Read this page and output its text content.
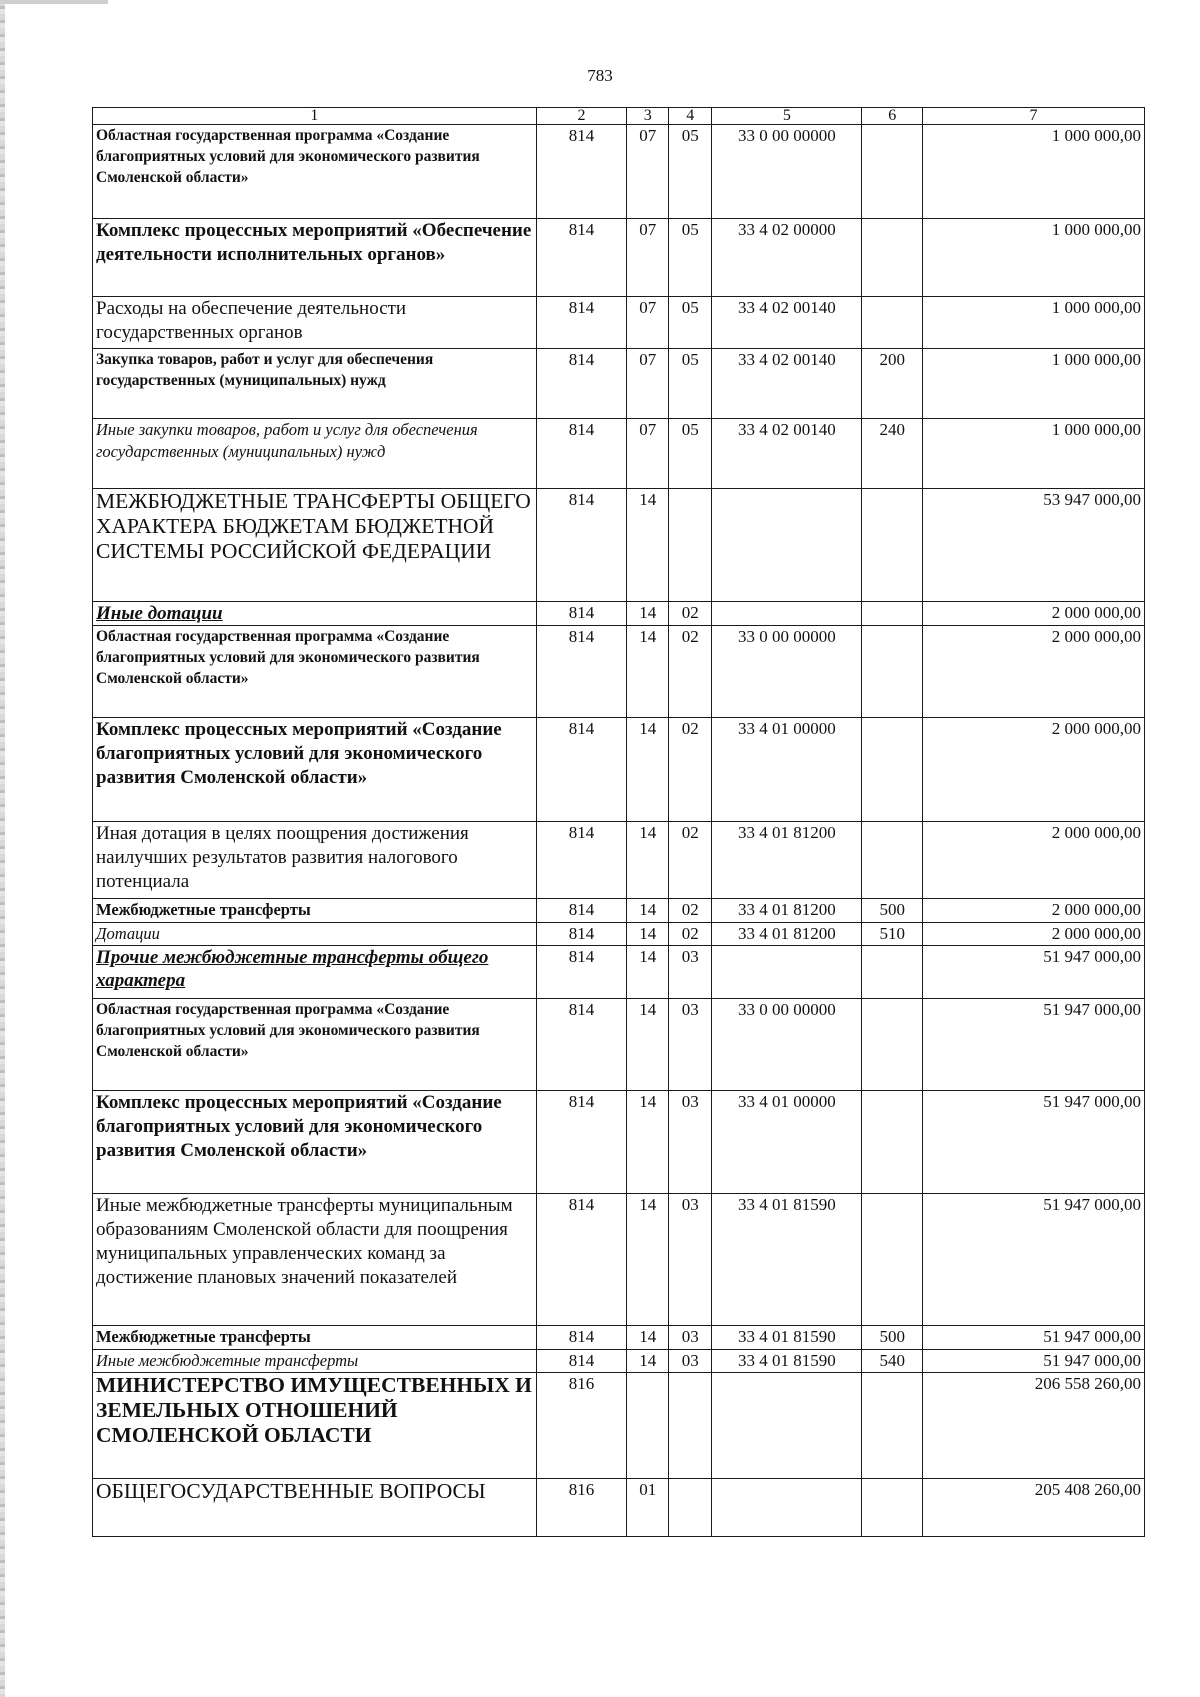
783
1	2	3	4	5	6	7
Областная государственная программа «Создание благоприятных условий для экономического развития Смоленской области»	814	07	05	33 0 00 00000		1 000 000,00
Комплекс процессных мероприятий «Обеспечение деятельности исполнительных органов»	814	07	05	33 4 02 00000		1 000 000,00
Расходы на обеспечение деятельности государственных органов	814	07	05	33 4 02 00140		1 000 000,00
Закупка товаров, работ и услуг для обеспечения государственных (муниципальных) нужд	814	07	05	33 4 02 00140	200	1 000 000,00
Иные закупки товаров, работ и услуг для обеспечения государственных (муниципальных) нужд	814	07	05	33 4 02 00140	240	1 000 000,00
МЕЖБЮДЖЕТНЫЕ ТРАНСФЕРТЫ ОБЩЕГО ХАРАКТЕРА БЮДЖЕТАМ БЮДЖЕТНОЙ СИСТЕМЫ РОССИЙСКОЙ ФЕДЕРАЦИИ	814	14				53 947 000,00
Иные дотации	814	14	02			2 000 000,00
Областная государственная программа «Создание благоприятных условий для экономического развития Смоленской области»	814	14	02	33 0 00 00000		2 000 000,00
Комплекс процессных мероприятий «Создание благоприятных условий для экономического развития Смоленской области»	814	14	02	33 4 01 00000		2 000 000,00
Иная дотация в целях поощрения достижения наилучших результатов развития налогового потенциала	814	14	02	33 4 01 81200		2 000 000,00
Межбюджетные трансферты	814	14	02	33 4 01 81200	500	2 000 000,00
Дотации	814	14	02	33 4 01 81200	510	2 000 000,00
Прочие межбюджетные трансферты общего характера	814	14	03			51 947 000,00
Областная государственная программа «Создание благоприятных условий для экономического развития Смоленской области»	814	14	03	33 0 00 00000		51 947 000,00
Комплекс процессных мероприятий «Создание благоприятных условий для экономического развития Смоленской области»	814	14	03	33 4 01 00000		51 947 000,00
Иные межбюджетные трансферты муниципальным образованиям Смоленской области для поощрения муниципальных управленческих команд за достижение плановых значений показателей	814	14	03	33 4 01 81590		51 947 000,00
Межбюджетные трансферты	814	14	03	33 4 01 81590	500	51 947 000,00
Иные межбюджетные трансферты	814	14	03	33 4 01 81590	540	51 947 000,00
МИНИСТЕРСТВО ИМУЩЕСТВЕННЫХ И ЗЕМЕЛЬНЫХ ОТНОШЕНИЙ СМОЛЕНСКОЙ ОБЛАСТИ	816					206 558 260,00
ОБЩЕГОСУДАРСТВЕННЫЕ ВОПРОСЫ	816	01				205 408 260,00
